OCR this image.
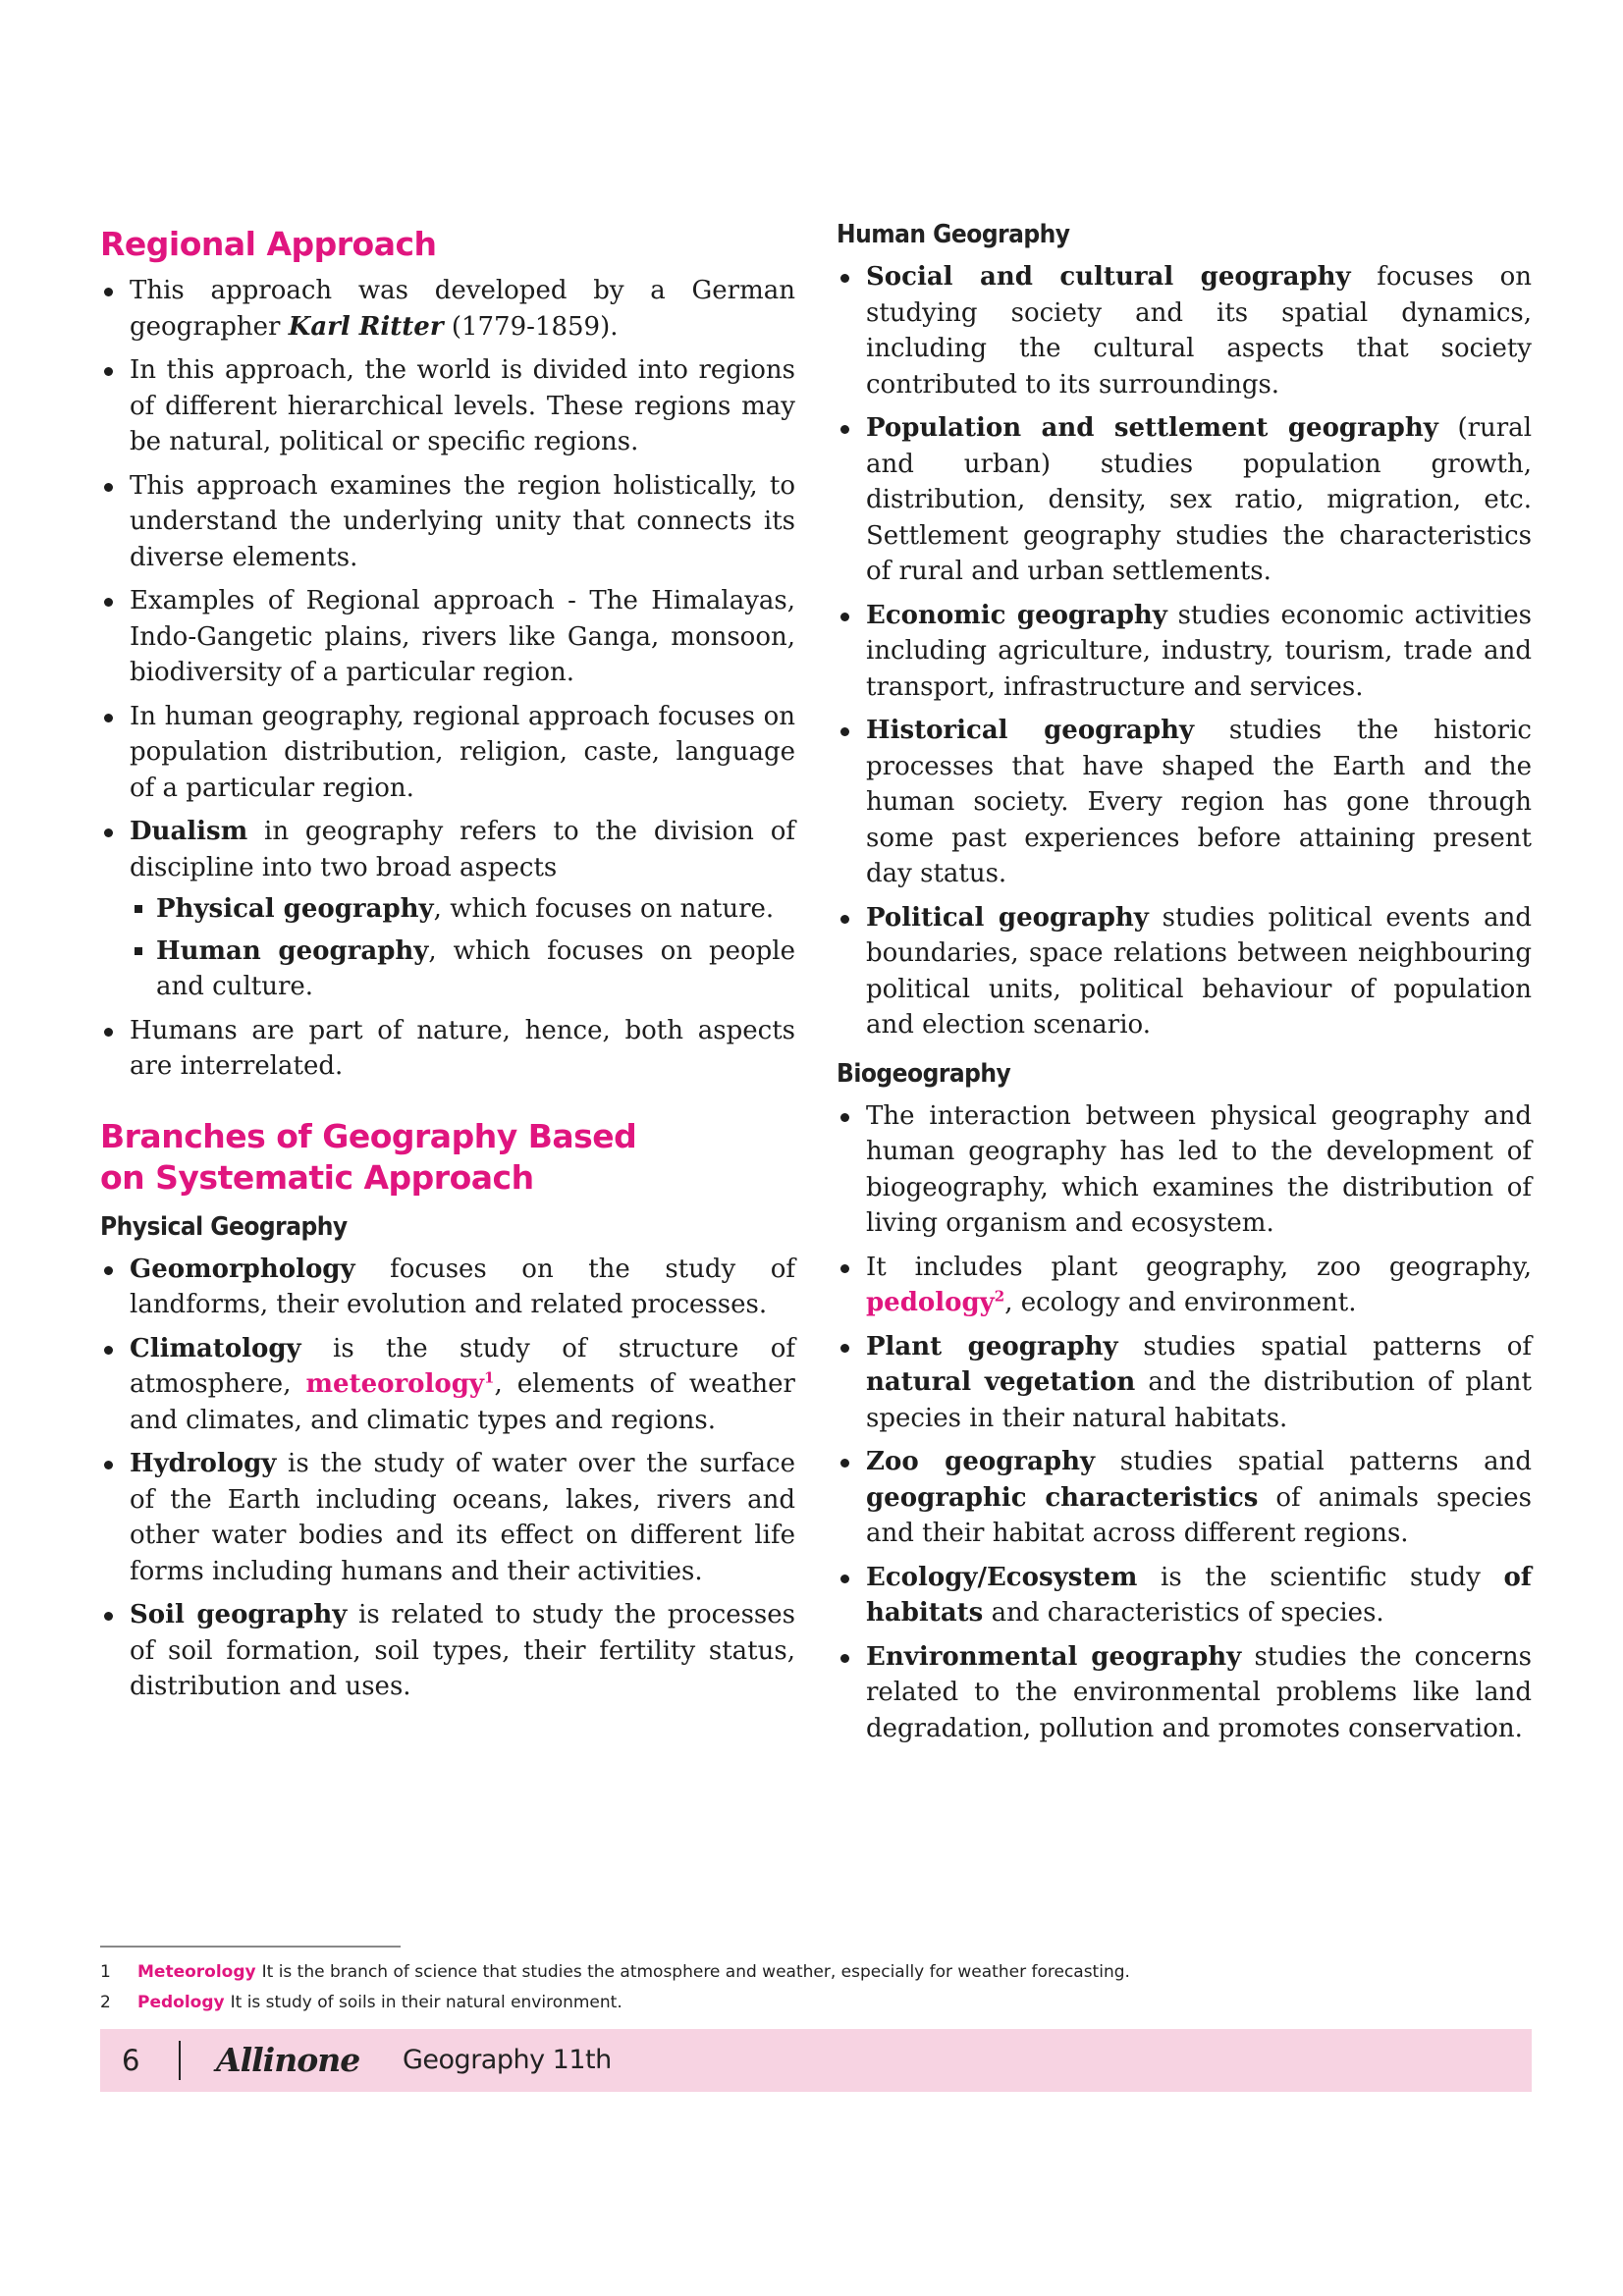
Regional Approach
This approach was developed by a German geographer Karl Ritter (1779-1859).
In this approach, the world is divided into regions of different hierarchical levels. These regions may be natural, political or specific regions.
This approach examines the region holistically, to understand the underlying unity that connects its diverse elements.
Examples of Regional approach - The Himalayas, Indo-Gangetic plains, rivers like Ganga, monsoon, biodiversity of a particular region.
In human geography, regional approach focuses on population distribution, religion, caste, language of a particular region.
Dualism in geography refers to the division of discipline into two broad aspects
Physical geography, which focuses on nature.
Human geography, which focuses on people and culture.
Humans are part of nature, hence, both aspects are interrelated.
Branches of Geography Based on Systematic Approach
Physical Geography
Geomorphology focuses on the study of landforms, their evolution and related processes.
Climatology is the study of structure of atmosphere, meteorology$^1$, elements of weather and climates, and climatic types and regions.
Hydrology is the study of water over the surface of the Earth including oceans, lakes, rivers and other water bodies and its effect on different life forms including humans and their activities.
Soil geography is related to study the processes of soil formation, soil types, their fertility status, distribution and uses.
Human Geography
Social and cultural geography focuses on studying society and its spatial dynamics, including the cultural aspects that society contributed to its surroundings.
Population and settlement geography (rural and urban) studies population growth, distribution, density, sex ratio, migration, etc. Settlement geography studies the characteristics of rural and urban settlements.
Economic geography studies economic activities including agriculture, industry, tourism, trade and transport, infrastructure and services.
Historical geography studies the historic processes that have shaped the Earth and the human society. Every region has gone through some past experiences before attaining present day status.
Political geography studies political events and boundaries, space relations between neighbouring political units, political behaviour of population and election scenario.
Biogeography
The interaction between physical geography and human geography has led to the development of biogeography, which examines the distribution of living organism and ecosystem.
It includes plant geography, zoo geography, pedology$^2$, ecology and environment.
Plant geography studies spatial patterns of natural vegetation and the distribution of plant species in their natural habitats.
Zoo geography studies spatial patterns and geographic characteristics of animals species and their habitat across different regions.
Ecology/Ecosystem is the scientific study of habitats and characteristics of species.
Environmental geography studies the concerns related to the environmental problems like land degradation, pollution and promotes conservation.
1 Meteorology It is the branch of science that studies the atmosphere and weather, especially for weather forecasting.
2 Pedology It is study of soils in their natural environment.
6 Allinone Geography 11th
